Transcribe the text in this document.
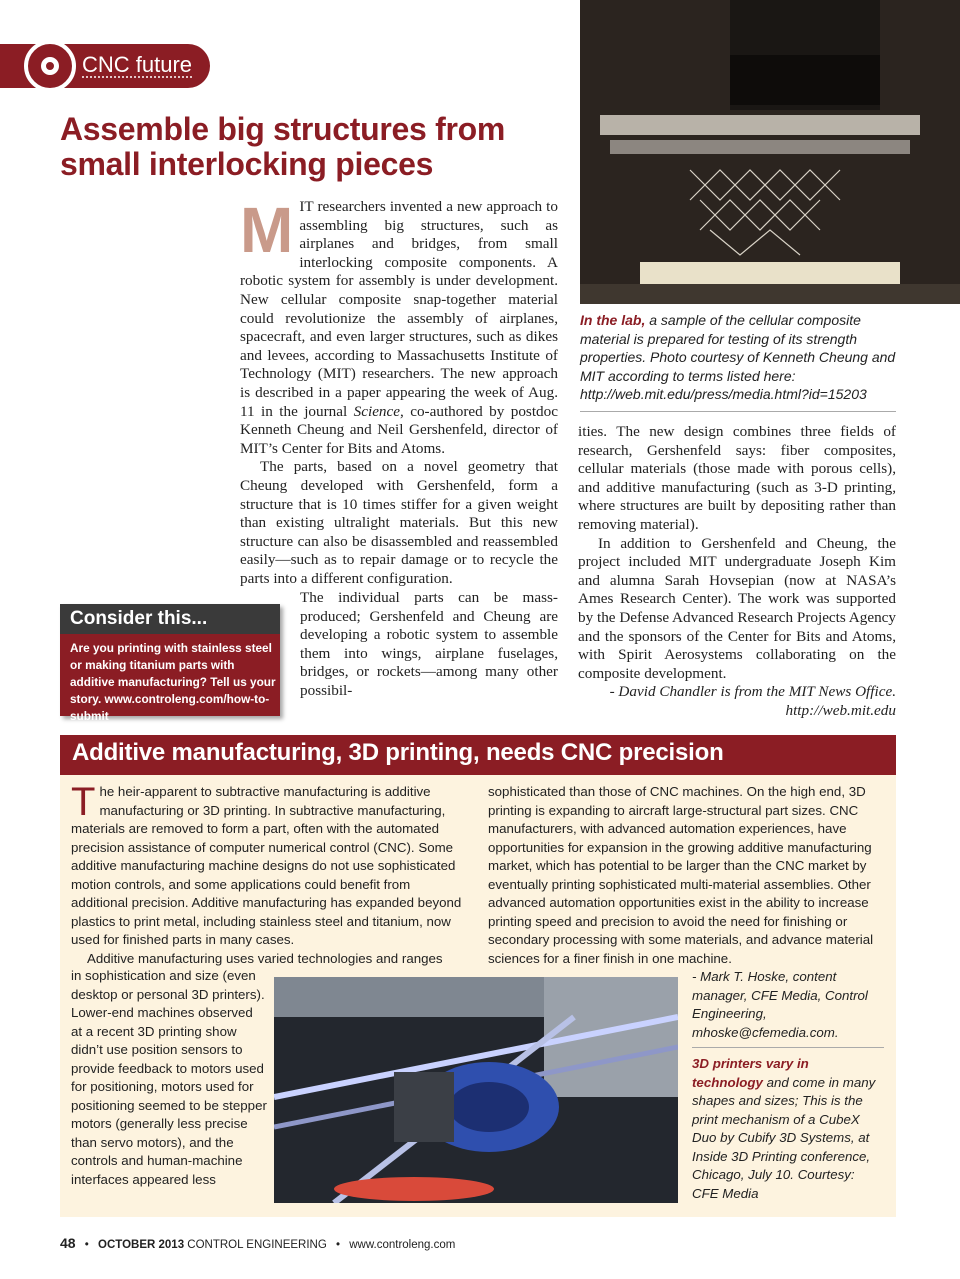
CNC future
Assemble big structures from small interlocking pieces

MIT researchers invented a new approach to assembling big structures, such as airplanes and bridges, from small interlocking composite components. A robotic system for assembly is under development. New cellular composite snap-together material could revolutionize the assembly of airplanes, spacecraft, and even larger structures, such as dikes and levees, according to Massachusetts Institute of Technology (MIT) researchers. The new approach is described in a paper appearing the week of Aug. 11 in the journal Science, co-authored by postdoc Kenneth Cheung and Neil Gershenfeld, director of MIT’s Center for Bits and Atoms.

The parts, based on a novel geometry that Cheung developed with Gershenfeld, form a structure that is 10 times stiffer for a given weight than existing ultralight materials. But this new structure can also be disassembled and reassembled easily—such as to repair damage or to recycle the parts into a different configuration.

The individual parts can be mass-produced; Gershenfeld and Cheung are developing a robotic system to assemble them into wings, airplane fuselages, bridges, or rockets—among many other possibil-

ities. The new design combines three fields of research, Gershenfeld says: fiber composites, cellular materials (those made with porous cells), and additive manufacturing (such as 3-D printing, where structures are built by depositing rather than removing material).

In addition to Gershenfeld and Cheung, the project included MIT undergraduate Joseph Kim and alumna Sarah Hovsepian (now at NASA’s Ames Research Center). The work was supported by the Defense Advanced Research Projects Agency and the sponsors of the Center for Bits and Atoms, with Spirit Aerosystems collaborating on the composite development.

- David Chandler is from the MIT News Office. http://web.mit.edu

In the lab, a sample of the cellular composite material is prepared for testing of its strength properties. Photo courtesy of Kenneth Cheung and MIT according to terms listed here: http://web.mit.edu/press/media.html?id=15203

Consider this...

Are you printing with stainless steel or making titanium parts with additive manufacturing? Tell us your story. www.controleng.com/how-to-submit

Additive manufacturing, 3D printing, needs CNC precision

The heir-apparent to subtractive manufacturing is additive manufacturing or 3D printing. In subtractive manufacturing, materials are removed to form a part, often with the automated precision assistance of computer numerical control (CNC). Some additive manufacturing machine designs do not use sophisticated motion controls, and some applications could benefit from additional precision. Additive manufacturing has expanded beyond plastics to print metal, including stainless steel and titanium, now used for finished parts in many cases.

Additive manufacturing uses varied technologies and ranges

in sophistication and size (even desktop or personal 3D printers). Lower-end machines observed at a recent 3D printing show didn’t use position sensors to provide feedback to motors used for positioning, motors used for positioning seemed to be stepper motors (generally less precise than servo motors), and the controls and human-machine interfaces appeared less

sophisticated than those of CNC machines. On the high end, 3D printing is expanding to aircraft large-structural part sizes. CNC manufacturers, with advanced automation experiences, have opportunities for expansion in the growing additive manufacturing market, which has potential to be larger than the CNC market by eventually printing sophisticated multi-material assemblies. Other advanced automation opportunities exist in the ability to increase printing speed and precision to avoid the need for finishing or secondary processing with some materials, and advance material sciences for a finer finish in one machine.

- Mark T. Hoske, content manager, CFE Media, Control Engineering, mhoske@cfemedia.com.

3D printers vary in technology and come in many shapes and sizes; This is the print mechanism of a CubeX Duo by Cubify 3D Systems, at Inside 3D Printing conference, Chicago, July 10. Courtesy: CFE Media

48 • OCTOBER 2013 CONTROL ENGINEERING • www.controleng.com
